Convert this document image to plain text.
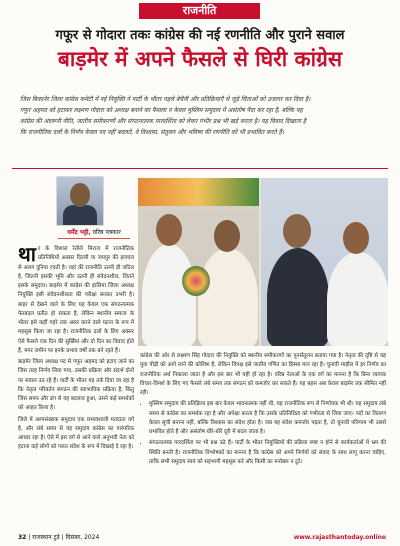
राजनीति
गफूर से गोदारा तकः कांग्रेस की नई रणनीति और पुराने सवाल
बाड़मेर में अपने फैसले से घिरी कांग्रेस

जिस बिकानेर जिला कांग्रेस कमेटी में नई नियुक्ति ने पार्टी के भीतर पहले बेचैनी और प्रतिक्रियाएँ से जुड़े चिंताओं को उजागर कर दिया है।

गफूर अहमद को हटाकर लक्ष्मण गोदारा को अध्यक्ष बनाने का फैसला न केवल मुस्लिम समुदाय में असंतोष पैदा कर रहा है, बल्कि यह

कांग्रेस की अंदरूनी नीति, जातीय समीकरणों और संगठनात्मक पारदर्शिता को लेकर गंभीर प्रश्न भी खड़े करता है। यह विवाद दिखाता है

कि राजनीतिक दलों के निर्णय केवल पद नहीं बदलते, वे विश्वास, संतुलन और भविष्य की रणनीति को भी प्रभावित करते हैं।

धर्मेंद्र भट्टी, वरिष्ठ पत्रकार

थार के विशाल रेतीले मिराज में राजनीतिक प्रतिनिधियों अक्सर दिल्ली या जयपुर की हलचल से अलग दुनिया रचती है। यहां की राजनीति उतनी ही जटिल है, जितनी इसकी भूमि और उतनी ही संवेदनशील, जितने इसके समुदाय। बाड़मेर में कांग्रेस की हालिया जिला अध्यक्ष नियुक्ति इसी संवेदनशीलता की परीक्षा बनकर उभरी है। बाहर से देखने वाले के लिए यह केवल एक संगठनात्मक फेरबदल प्रतीत हो सकता है, लेकिन स्थानीय समाज के भीतर इसे कहीं गहरे तक असर करने वाले घटना के रूप में महसूस किया जा रहा है। राजनीतिक दलों के लिए अक्सर ऐसे फैसले एक दिन की सुर्खियां और दो दिन का विवाद होते हैं, मगर जमीन पर इनके प्रभाव वर्षों तक बने रहते हैं।

बाड़मेर जिला अध्यक्ष पद से गफूर अहमद को हटाए जाने का जिस तरह निर्णय लिया गया, उसकी प्रक्रिया और संदर्भ दोनों पर सवाल उठ रहे हैं। पार्टी के भीतर यह तर्क दिया जा रहा है कि नेतृत्व परिवर्तन संगठन की स्वाभाविक प्रक्रिया है, किंतु जिस समय और ढंग से यह बदलाव हुआ, उसने कई समर्थकों को आहत किया है।

जिले में अल्पसंख्यक समुदाय एक प्रभावशाली मतदाता वर्ग है, और लंबे समय से यह समुदाय कांग्रेस का पारंपरिक आधार रहा है। ऐसे में इस वर्ग से आने वाले अनुभवी नेता को हटाना कई लोगों को गलत संदेश के रूप में दिखाई दे रहा है।

कांग्रेस की ओर से लक्ष्मण सिंह गोदारा की नियुक्ति को स्थानीय समीकरणों का पुनर्संतुलन बताया गया है। नेतृत्व की दृष्टि से यह युवा पीढ़ी को आगे लाने की कोशिश है, लेकिन विपक्ष इसे जातीय गणित का हिस्सा मान रहा है। चुनावी माहौल में हर निर्णय का राजनीतिक अर्थ निकाला जाता है और इस बार भी यही हो रहा है। वरिष्ठ नेताओं के एक वर्ग का मानना है कि बिना व्यापक विचार-विमर्श के लिए गए फैसले लंबे समय तक संगठन को कमजोर कर सकते हैं। यह बहस अब केवल बाड़मेर तक सीमित नहीं रही।

• मुस्लिम समुदाय की प्रतिक्रिया इस बार केवल भावनात्मक नहीं थी, यह राजनीतिक रूप से निर्णायक भी थी। यह समुदाय लंबे समय से कांग्रेस का समर्थक रहा है और अपेक्षा करता है कि उसके प्रतिनिधित्व को गंभीरता से लिया जाए। पदों का वितरण केवल सूची बनाना नहीं, बल्कि विश्वास का संदेश होता है। जब यह संदेश कमजोर पड़ता है, तो चुनावी परिणाम भी उससे प्रभावित होते हैं और असंतोष धीरे-धीरे दूरी में बदल जाता है।
• संगठनात्मक पारदर्शिता पर भी प्रश्न उठे हैं। पार्टी के भीतर नियुक्तियों की प्रक्रिया स्पष्ट न होने से कार्यकर्ताओं में भ्रम की स्थिति बनती है। राजनीतिक विश्लेषकों का मानना है कि कांग्रेस को अपने निर्णयों को संवाद के साथ लागू करना चाहिए, ताकि सभी समुदाय स्वयं को सहभागी महसूस करें और किसी का मनोबल न टूटे।
32 | राजस्थान टुडे | दिसंबर, 2024	www.rajasthantoday.online
